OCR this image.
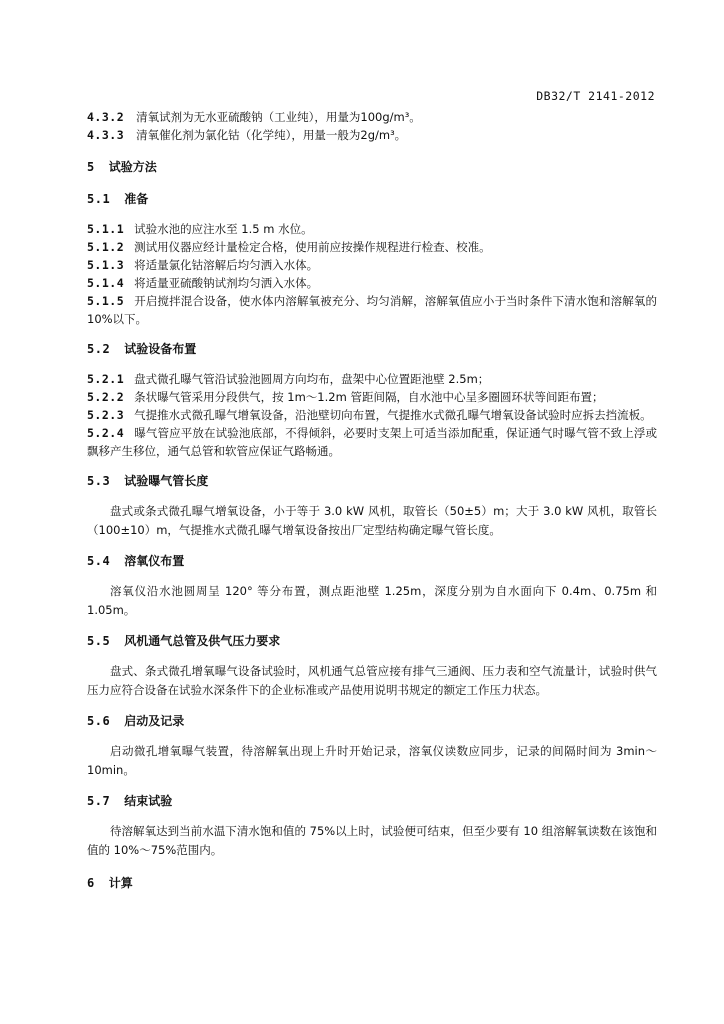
DB32/T 2141-2012
4.3.2 清氧试剂为无水亚硫酸钠（工业纯），用量为100g/m³。
4.3.3 清氧催化剂为氯化钴（化学纯），用量一般为2g/m³。
5 试验方法
5.1 准备
5.1.1 试验水池的应注水至 1.5 m 水位。
5.1.2 测试用仪器应经计量检定合格，使用前应按操作规程进行检查、校准。
5.1.3 将适量氯化钴溶解后均匀洒入水体。
5.1.4 将适量亚硫酸钠试剂均匀洒入水体。
5.1.5 开启搅拌混合设备，使水体内溶解氧被充分、均匀消解，溶解氧值应小于当时条件下清水饱和溶解氧的 10%以下。
5.2 试验设备布置
5.2.1 盘式微孔曝气管沿试验池圆周方向均布，盘架中心位置距池壁 2.5m；
5.2.2 条状曝气管采用分段供气，按 1m～1.2m 管距间隔，自水池中心呈多圈圆环状等间距布置；
5.2.3 气提推水式微孔曝气增氧设备，沿池壁切向布置，气提推水式微孔曝气增氧设备试验时应拆去挡流板。
5.2.4 曝气管应平放在试验池底部，不得倾斜，必要时支架上可适当添加配重，保证通气时曝气管不致上浮或飘移产生移位，通气总管和软管应保证气路畅通。
5.3 试验曝气管长度
盘式或条式微孔曝气增氧设备，小于等于 3.0 kW 风机，取管长（50±5）m；大于 3.0 kW 风机，取管长（100±10）m，气提推水式微孔曝气增氧设备按出厂定型结构确定曝气管长度。
5.4 溶氧仪布置
溶氧仪沿水池圆周呈 120° 等分布置，测点距池壁 1.25m，深度分别为自水面向下 0.4m、0.75m 和 1.05m。
5.5 风机通气总管及供气压力要求
盘式、条式微孔增氧曝气设备试验时，风机通气总管应接有排气三通阀、压力表和空气流量计，试验时供气压力应符合设备在试验水深条件下的企业标准或产品使用说明书规定的额定工作压力状态。
5.6 启动及记录
启动微孔增氧曝气装置，待溶解氧出现上升时开始记录，溶氧仪读数应同步，记录的间隔时间为 3min～10min。
5.7 结束试验
待溶解氧达到当前水温下清水饱和值的 75%以上时，试验便可结束，但至少要有 10 组溶解氧读数在该饱和值的 10%～75%范围内。
6 计算
